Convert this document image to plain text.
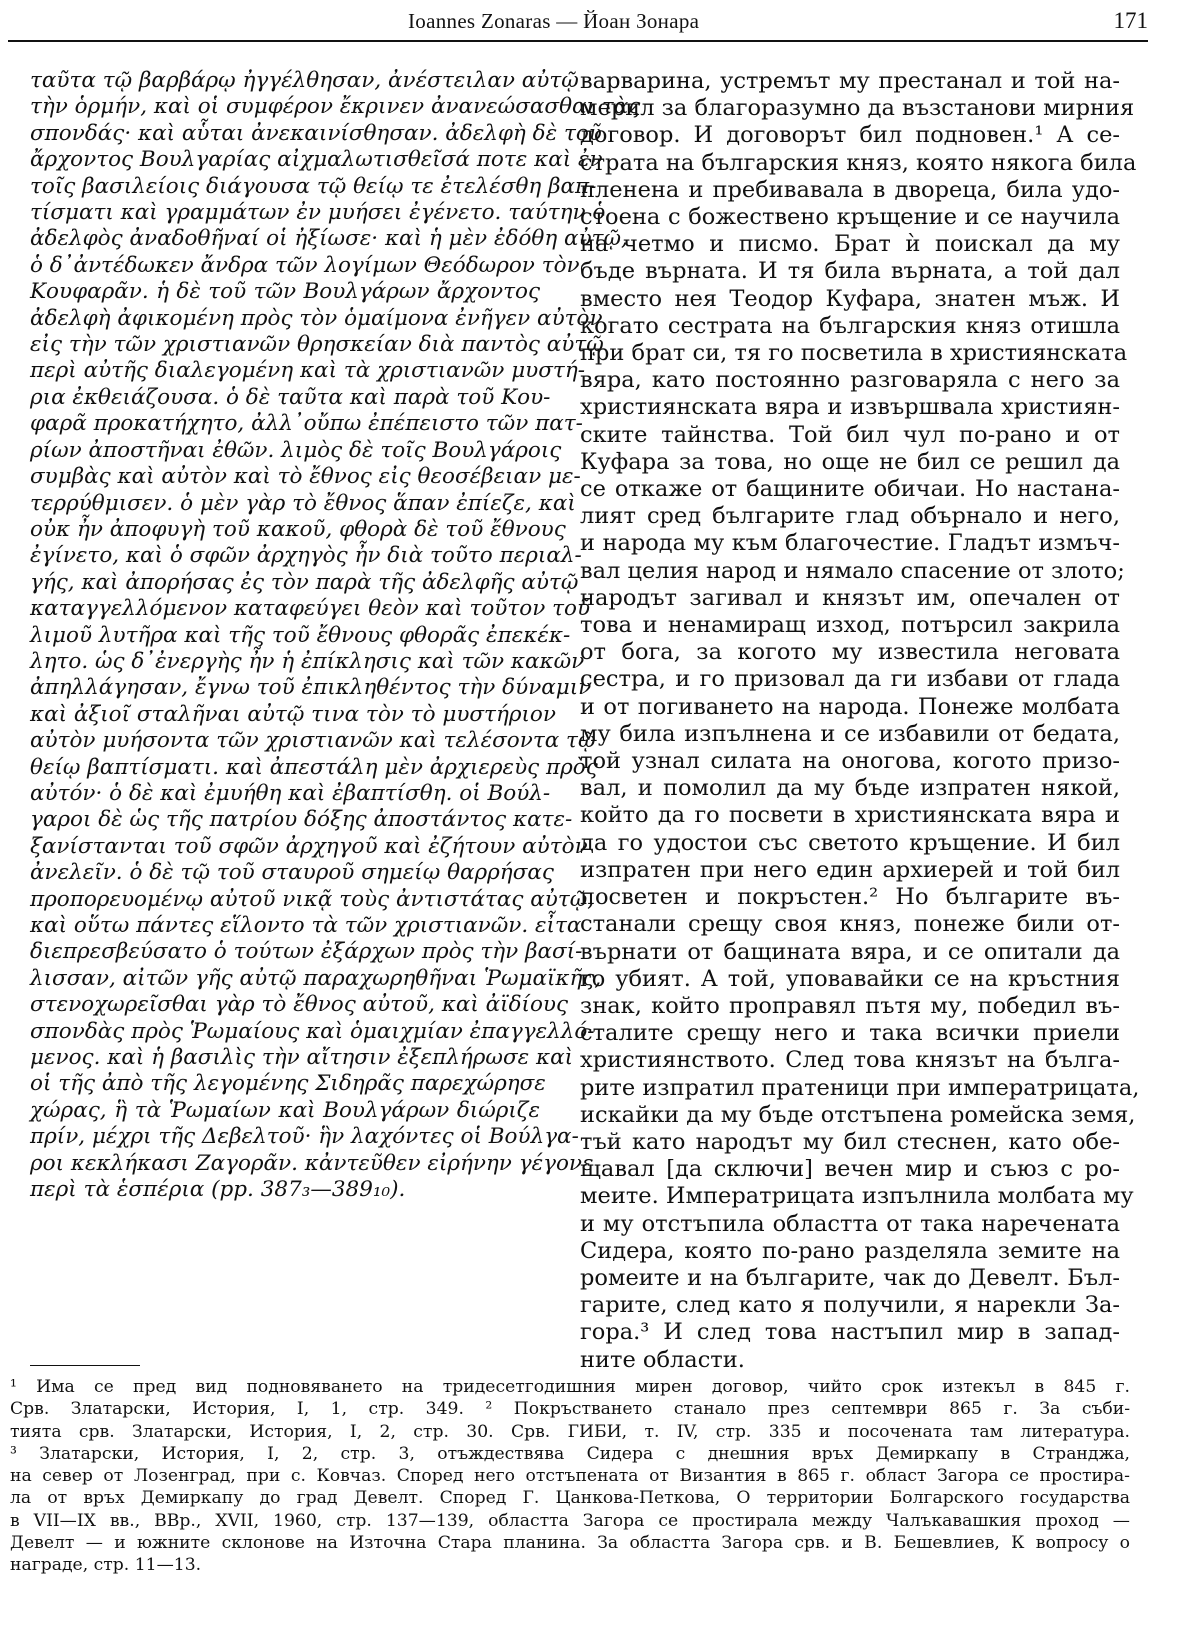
Ioannes Zonaras — Йоан Зонара	171
ταῦτα τῷ βαρβάρῳ ἠγγέλθησαν, ἀνέστειλαν αὐτῷ
τὴν ὁρμήν, καὶ οἱ συμφέρον ἔκρινεν ἀνανεώσασθαι τὰς
σπονδάς· καὶ αὗται ἀνεκαινίσθησαν. ἀδελφὴ δὲ τοῦ
ἄρχοντος Βουλγαρίας αἰχμαλωτισθεῖσά ποτε καὶ ἐν
τοῖς βασιλείοις διάγουσα τῷ θείῳ τε ἐτελέσθη βαπ-
τίσματι καὶ γραμμάτων ἐν μυήσει ἐγένετο. ταύτην ὁ
ἀδελφὸς ἀναδοθῆναί οἱ ἠξίωσε· καὶ ἡ μὲν ἐδόθη αὐτῷ,
ὁ δ᾽ἀντέδωκεν ἄνδρα τῶν λογίμων Θεόδωρον τὸν
Κουφαρᾶν. ἡ δὲ τοῦ τῶν Βουλγάρων ἄρχοντος
ἀδελφὴ ἀφικομένη πρὸς τὸν ὁμαίμονα ἐνῆγεν αὐτὸν
εἰς τὴν τῶν χριστιανῶν θρησκείαν διὰ παντὸς αὐτῷ
περὶ αὐτῆς διαλεγομένη καὶ τὰ χριστιανῶν μυστή-
ρια ἐκθειάζουσα. ὁ δὲ ταῦτα καὶ παρὰ τοῦ Κου-
φαρᾶ προκατήχητο, ἀλλ᾽οὔπω ἐπέπειστο τῶν πατ-
ρίων ἀποστῆναι ἐθῶν. λιμὸς δὲ τοῖς Βουλγάροις
συμβὰς καὶ αὐτὸν καὶ τὸ ἔθνος εἰς θεοσέβειαν με-
τερρύθμισεν. ὁ μὲν γὰρ τὸ ἔθνος ἅπαν ἐπίεζε, καὶ
οὐκ ἦν ἀποφυγὴ τοῦ κακοῦ, φθορὰ δὲ τοῦ ἔθνους
ἐγίνετο, καὶ ὁ σφῶν ἀρχηγὸς ἦν διὰ τοῦτο περιαλ-
γής, καὶ ἀπορήσας ἐς τὸν παρὰ τῆς ἀδελφῆς αὐτῷ
καταγγελλόμενον καταφεύγει θεὸν καὶ τοῦτον τοῦ
λιμοῦ λυτῆρα καὶ τῆς τοῦ ἔθνους φθορᾶς ἐπεκέκ-
λητο. ὡς δ᾽ἐνεργὴς ἦν ἡ ἐπίκλησις καὶ τῶν κακῶν
ἀπηλλάγησαν, ἔγνω τοῦ ἐπικληθέντος τὴν δύναμιν
καὶ ἀξιοῖ σταλῆναι αὐτῷ τινα τὸν τὸ μυστήριον
αὐτὸν μυήσοντα τῶν χριστιανῶν καὶ τελέσοντα τῷ
θείῳ βαπτίσματι. καὶ ἀπεστάλη μὲν ἀρχιερεὺς πρὸς
αὐτόν· ὁ δὲ καὶ ἐμυήθη καὶ ἐβαπτίσθη. οἱ Βούλ-
γαροι δὲ ὡς τῆς πατρίου δόξης ἀποστάντος κατε-
ξανίστανται τοῦ σφῶν ἀρχηγοῦ καὶ ἐζήτουν αὐτὸν
ἀνελεῖν. ὁ δὲ τῷ τοῦ σταυροῦ σημείῳ θαρρήσας
προπορευομένῳ αὐτοῦ νικᾷ τοὺς ἀντιστάτας αὐτῷ,
καὶ οὕτω πάντες εἵλοντο τὰ τῶν χριστιανῶν. εἶτα
διεπρεσβεύσατο ὁ τούτων ἐξάρχων πρὸς τὴν βασί-
λισσαν, αἰτῶν γῆς αὐτῷ παραχωρηθῆναι Ῥωμαϊκῆς,
στενοχωρεῖσθαι γὰρ τὸ ἔθνος αὐτοῦ, καὶ ἀϊδίους
σπονδὰς πρὸς Ῥωμαίους καὶ ὁμαιχμίαν ἐπαγγελλό-
μενος. καὶ ἡ βασιλὶς τὴν αἴτησιν ἐξεπλήρωσε καὶ
οἱ τῆς ἀπὸ τῆς λεγομένης Σιδηρᾶς παρεχώρησε
χώρας, ἣ τὰ Ῥωμαίων καὶ Βουλγάρων διώριζε
πρίν, μέχρι τῆς Δεβελτοῦ· ἣν λαχόντες οἱ Βούλγα-
ροι κεκλήκασι Ζαγορᾶν. κἀντεῦθεν εἰρήνην γέγονε
περὶ τὰ ἑσπέρια (pp. 387₃—389₁₀).
варварина, устремът му престанал и той на-
мерил за благоразумно да възстанови мирния
договор. И договорът бил подновен.¹ А се-
страта на българския княз, която някога била
пленена и пребивавала в двореца, била удо-
стоена с божествено кръщение и се научила
на четмо и писмо. Брат ѝ поискал да му
бъде върната. И тя била върната, а той дал
вместо нея Теодор Куфара, знатен мъж. И
когато сестрата на българския княз отишла
при брат си, тя го посветила в християнската
вяра, като постоянно разговаряла с него за
християнската вяра и извършвала християн-
ските тайнства. Той бил чул по-рано и от
Куфара за това, но още не бил се решил да
се откаже от бащините обичаи. Но настана-
лият сред българите глад обърнало и него,
и народа му към благочестие. Гладът измъч-
вал целия народ и нямало спасение от злото;
народът загивал и князът им, опечален от
това и ненамиращ изход, потърсил закрила
от бога, за когото му известила неговата
сестра, и го призовал да ги избави от глада
и от погиването на народа. Понеже молбата
му била изпълнена и се избавили от бедата,
той узнал силата на оногова, когото призо-
вал, и помолил да му бъде изпратен някой,
който да го посвети в християнската вяра и
да го удостои със светото кръщение. И бил
изпратен при него един архиерей и той бил
посветен и покръстен.² Но българите въ-
станали срещу своя княз, понеже били от-
върнати от бащината вяра, и се опитали да
го убият. А той, уповавайки се на кръстния
знак, който проправял пътя му, победил въ-
сталите срещу него и така всички приели
християнството. След това князът на бълга-
рите изпратил пратеници при императрицата,
искайки да му бъде отстъпена ромейска земя,
тъй като народът му бил стеснен, като обе-
щавал [да сключи] вечен мир и съюз с ро-
меите. Императрицата изпълнила молбата му
и му отстъпила областта от така наречената
Сидера, която по-рано разделяла земите на
ромеите и на българите, чак до Девелт. Бъл-
гарите, след като я получили, я нарекли За-
гора.³ И след това настъпил мир в запад-
ните области.
¹ Има се пред вид подновяването на тридесетгодишния мирен договор, чийто срок изтекъл в 845 г.
Срв. Златарски, История, I, 1, стр. 349. ² Покръстването станало през септември 865 г. За съби-
тията срв. Златарски, История, I, 2, стр. 30. Срв. ГИБИ, т. IV, стр. 335 и посочената там литература.
³ Златарски, История, I, 2, стр. 3, отъждествява Сидера с днешния връх Демиркапу в Странджа,
на север от Лозенград, при с. Ковчаз. Според него отстъпената от Византия в 865 г. област Загора се простира-
ла от връх Демиркапу до град Девелт. Според Г. Цанкова-Петкова, О территории Болгарского государства
в VII—IX вв., ВВр., XVII, 1960, стр. 137—139, областта Загора се простирала между Чалъкавашкия проход —
Девелт — и южните склонове на Източна Стара планина. За областта Загора срв. и В. Бешевлиев, К вопросу о
награде, стр. 11—13.
